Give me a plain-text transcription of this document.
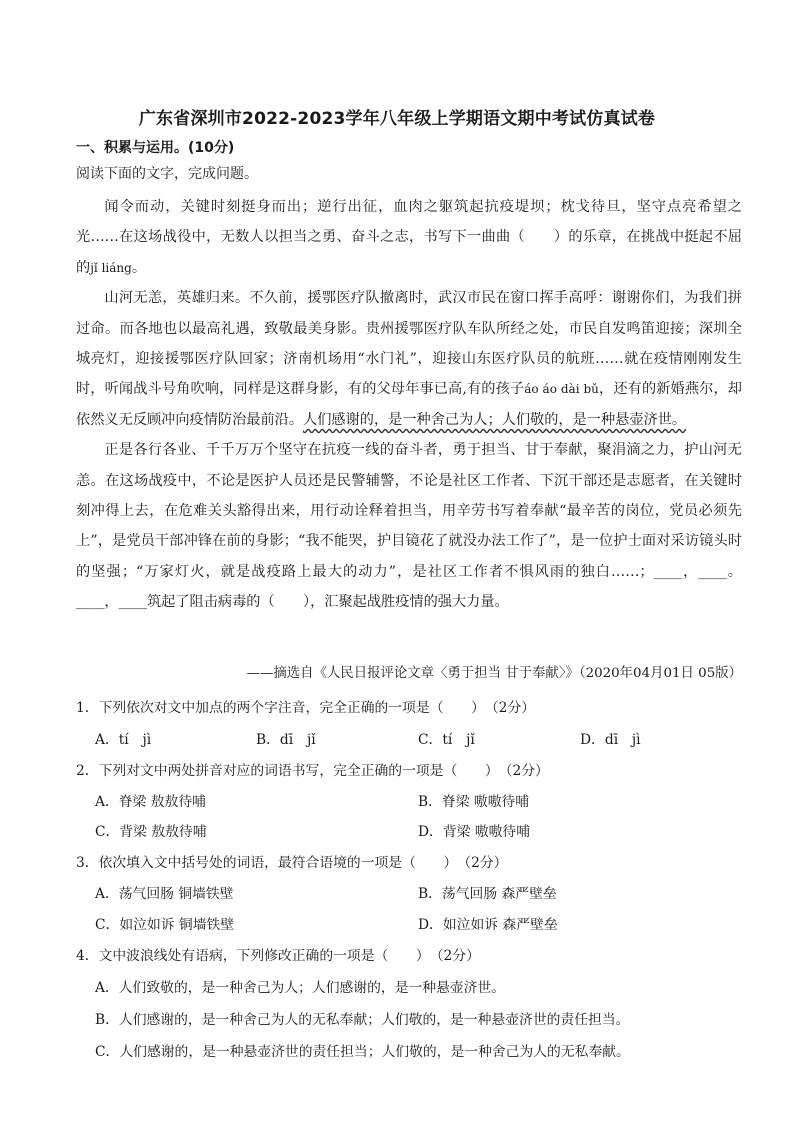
广东省深圳市2022-2023学年八年级上学期语文期中考试仿真试卷
一、积累与运用。(10分)
阅读下面的文字，完成问题。

闻令而动，关键时刻挺身而出；逆行出征，血肉之躯筑起抗疫堤坝；枕戈待旦，坚守点亮希望之光……在这场战役中，无数人以担当之勇、奋斗之志，书写下一曲曲（　　）的乐章，在挑战中挺起不屈的jǐ liáng。

山河无恙，英雄归来。不久前，援鄂医疗队撤离时，武汉市民在窗口挥手高呼：谢谢你们，为我们拼过命。而各地也以最高礼遇，致敬最美身影。贵州援鄂医疗队车队所经之处，市民自发鸣笛迎接；深圳全城亮灯，迎接援鄂医疗队回家；济南机场用“水门礼”，迎接山东医疗队员的航班……就在疫情刚刚发生时，听闻战斗号角吹响，同样是这群身影，有的父母年事已高,有的孩子áo áo dài bǔ，还有的新婚燕尔，却依然义无反顾冲向疫情防治最前沿。人们感谢的，是一种舍己为人；人们敬的，是一种悬壶济世。

正是各行各业、千千万万个坚守在抗疫一线的奋斗者，勇于担当、甘于奉献，聚涓滴之力，护山河无恙。在这场战疫中，不论是医护人员还是民警辅警，不论是社区工作者、下沉干部还是志愿者，在关键时刻冲得上去，在危难关头豁得出来，用行动诠释着担当，用辛劳书写着奉献“最辛苦的岗位，党员必须先上”，是党员干部冲锋在前的身影；“我不能哭，护目镜花了就没办法工作了”，是一位护士面对采访镜头时的坚强；“万家灯火，就是战疫路上最大的动力”，是社区工作者不惧风雨的独白……；____，____。____，____筑起了阻击病毒的（　　），汇聚起战胜疫情的强大力量。

——摘选自《人民日报评论文章〈勇于担当 甘于奉献〉》（2020年04月01日 05版）
1．下列依次对文中加点的两个字注音，完全正确的一项是（　　）　（2分）
A．tí　jì	B．dī　jǐ	C．tí　jǐ	D．dī　jì
2．下列对文中两处拼音对应的词语书写，完全正确的一项是（　　）　（2分）
A．脊梁 敖敖待哺	B．脊梁 嗷嗷待哺
C．背梁 敖敖待哺	D．背梁 嗷嗷待哺
3．依次填入文中括号处的词语，最符合语境的一项是（　　）　（2分）
A．荡气回肠 铜墙铁壁	B．荡气回肠 森严壁垒
C．如泣如诉 铜墙铁壁	D．如泣如诉 森严壁垒
4．文中波浪线处有语病，下列修改正确的一项是（　　）　（2分）
A．人们致敬的，是一种舍己为人；人们感谢的，是一种悬壶济世。
B．人们感谢的，是一种舍己为人的无私奉献；人们敬的，是一种悬壶济世的责任担当。
C．人们感谢的，是一种悬壶济世的责任担当；人们敬的，是一种舍己为人的无私奉献。
